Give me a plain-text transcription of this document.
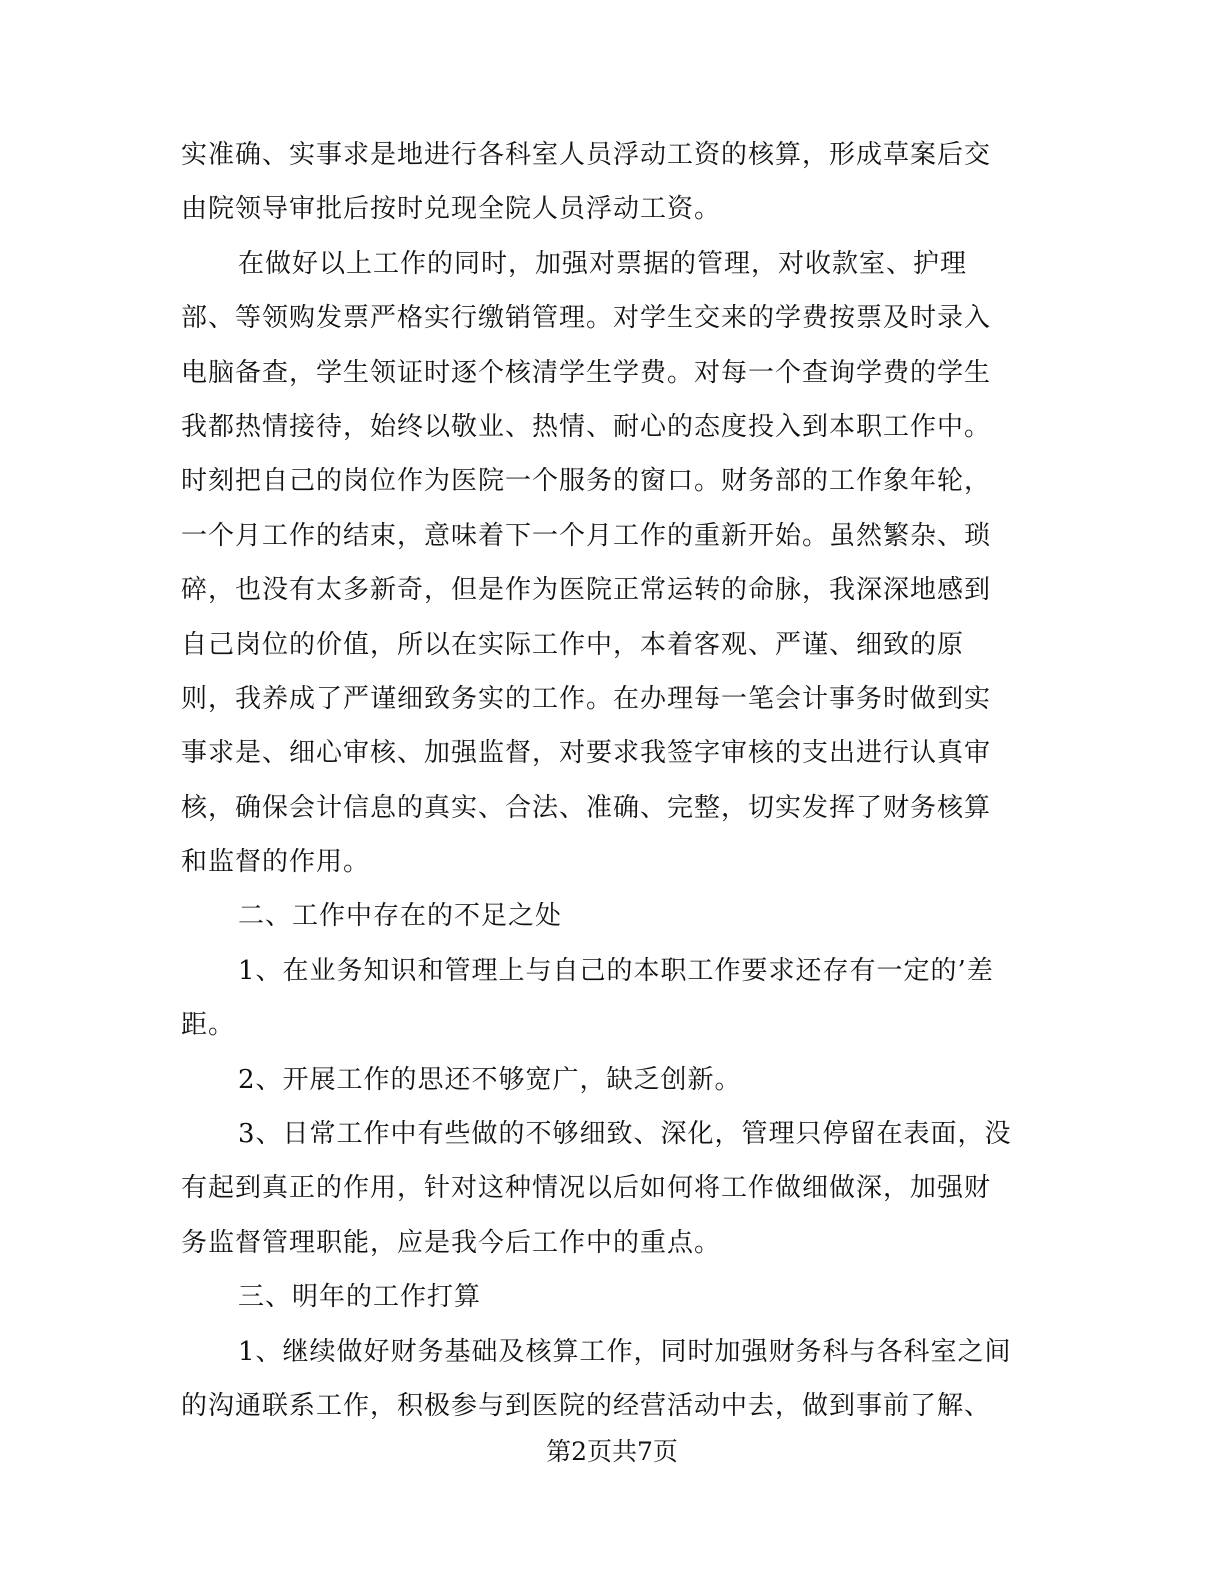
实准确、实事求是地进行各科室人员浮动工资的核算，形成草案后交
由院领导审批后按时兑现全院人员浮动工资。
在做好以上工作的同时，加强对票据的管理，对收款室、护理
部、等领购发票严格实行缴销管理。对学生交来的学费按票及时录入
电脑备查，学生领证时逐个核清学生学费。对每一个查询学费的学生
我都热情接待，始终以敬业、热情、耐心的态度投入到本职工作中。
时刻把自己的岗位作为医院一个服务的窗口。财务部的工作象年轮，
一个月工作的结束，意味着下一个月工作的重新开始。虽然繁杂、琐
碎，也没有太多新奇，但是作为医院正常运转的命脉，我深深地感到
自己岗位的价值，所以在实际工作中，本着客观、严谨、细致的原
则，我养成了严谨细致务实的工作。在办理每一笔会计事务时做到实
事求是、细心审核、加强监督，对要求我签字审核的支出进行认真审
核，确保会计信息的真实、合法、准确、完整，切实发挥了财务核算
和监督的作用。
二、工作中存在的不足之处
1、在业务知识和管理上与自己的本职工作要求还存有一定的’差
距。
2、开展工作的思还不够宽广，缺乏创新。
3、日常工作中有些做的不够细致、深化，管理只停留在表面，没
有起到真正的作用，针对这种情况以后如何将工作做细做深，加强财
务监督管理职能，应是我今后工作中的重点。
三、明年的工作打算
1、继续做好财务基础及核算工作，同时加强财务科与各科室之间
的沟通联系工作，积极参与到医院的经营活动中去，做到事前了解、
第2页共7页
